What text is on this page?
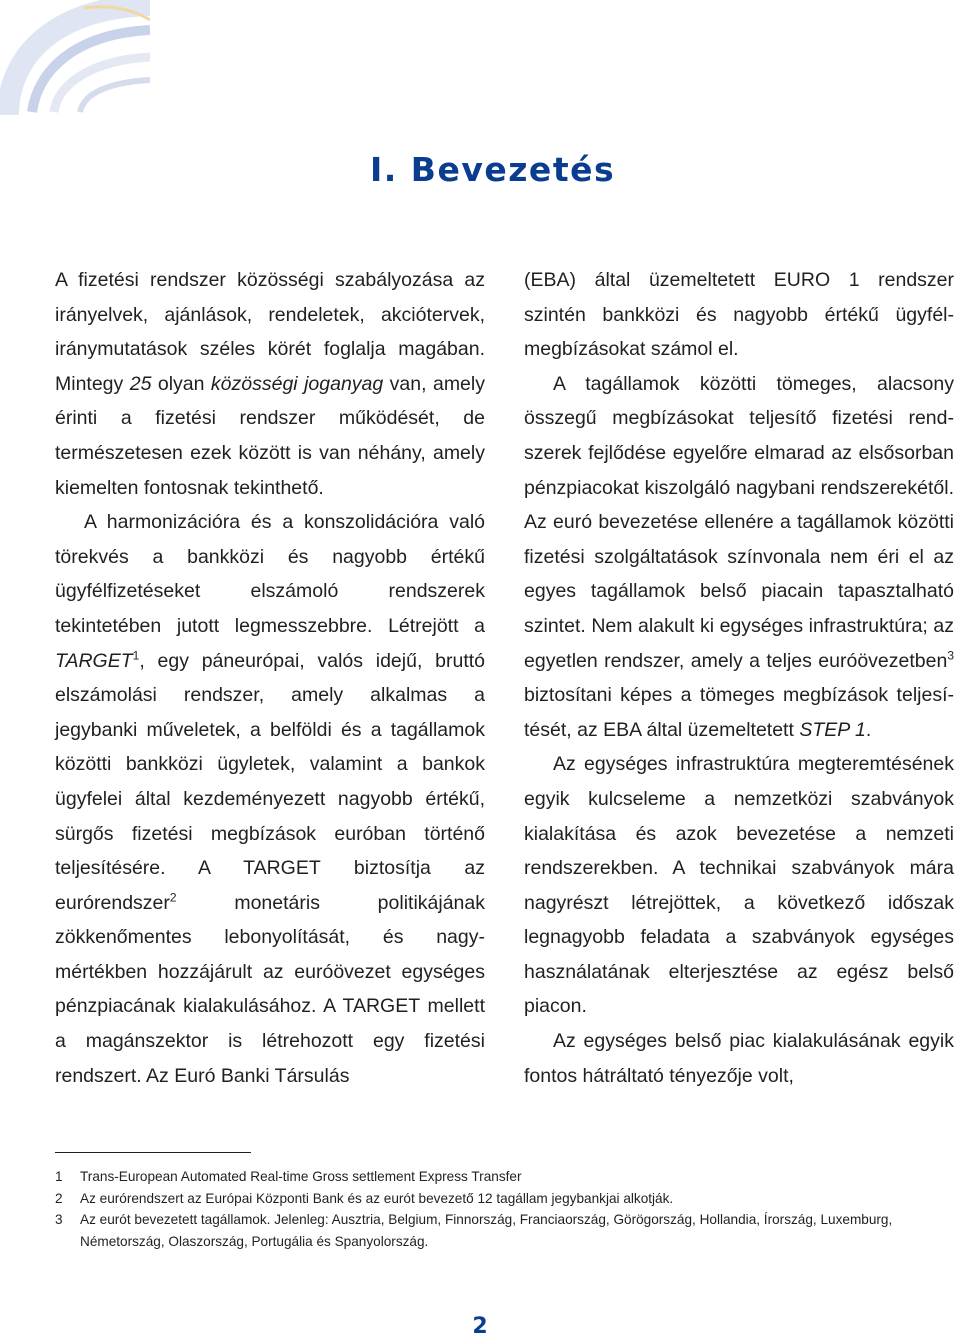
I. Bevezetés

A fizetési rendszer közösségi szabályozása az irányelvek, ajánlások, rendeletek, akciótervek, iránymutatások széles körét foglalja magában. Mintegy 25 olyan közösségi joganyag van, amely érinti a fizetési rendszer működését, de természetesen ezek között is van néhány, amely kiemelten fontosnak tekinthető.

A harmonizációra és a konszolidációra való törekvés a bankközi és nagyobb értékű ügyfélfizetéseket elszámoló rendszerek tekintetében jutott legmesszebbre. Létrejött a TARGET$^1$, egy páneurópai, valós idejű, bruttó elszámolási rendszer, amely alkalmas a jegybanki műveletek, a belföldi és a tagállamok közötti bankközi ügyletek, valamint a bankok ügyfelei által kezdeményezett nagyobb értékű, sürgős fizetési megbízások euróban történő teljesítésére. A TARGET biztosítja az eurórendszer$^2$ monetáris politikájának zökkenőmentes lebonyolítását, és nagymértékben hozzájárult az euróövezet egységes pénzpiacának kialakulásához. A TARGET mellett a magánszektor is létrehozott egy fizetési rendszert. Az Euró Banki Társulás

(EBA) által üzemeltetett EURO 1 rendszer szintén bankközi és nagyobb értékű ügyfélmegbízásokat számol el.

A tagállamok közötti tömeges, alacsony összegű megbízásokat teljesítő fizetési rendszerek fejlődése egyelőre elmarad az elsősorban pénzpiacokat kiszolgáló nagybani rendszerekétől. Az euró bevezetése ellenére a tagállamok közötti fizetési szolgáltatások színvonala nem éri el az egyes tagállamok belső piacain tapasztalható szintet. Nem alakult ki egységes infrastruktúra; az egyetlen rendszer, amely a teljes euróövezetben$^3$ biztosítani képes a tömeges megbízások teljesítését, az EBA által üzemeltetett STEP 1.

Az egységes infrastruktúra megteremtésének egyik kulcseleme a nemzetközi szabványok kialakítása és azok bevezetése a nemzeti rendszerekben. A technikai szabványok mára nagyrészt létrejöttek, a következő időszak legnagyobb feladata a szabványok egységes használatának elterjesztése az egész belső piacon.

Az egységes belső piac kialakulásának egyik fontos hátráltató tényezője volt,

1	Trans-European Automated Real-time Gross settlement Express Transfer
2	Az eurórendszert az Európai Központi Bank és az eurót bevezető 12 tagállam jegybankjai alkotják.
3	Az eurót bevezetett tagállamok. Jelenleg: Ausztria, Belgium, Finnország, Franciaország, Görögország, Hollandia, Írország, Luxemburg, Németország, Olaszország, Portugália és Spanyolország.
2
